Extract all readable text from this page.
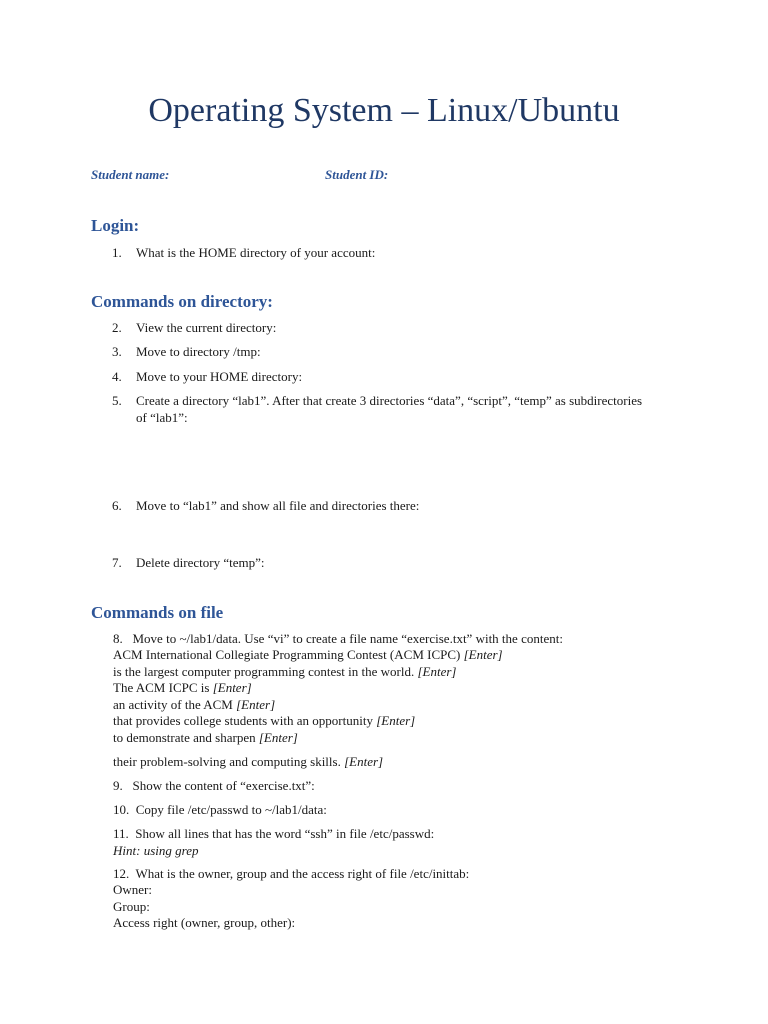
Operating System – Linux/Ubuntu
Student name:	Student ID:
Login:
1. What is the HOME directory of your account:
Commands on directory:
2. View the current directory:
3. Move to directory /tmp:
4. Move to your HOME directory:
5. Create a directory “lab1”. After that create 3 directories “data”, “script”, “temp” as subdirectories
of “lab1”:
6. Move to “lab1” and show all file and directories there:
7. Delete directory “temp”:
Commands on file
8.   Move to ~/lab1/data. Use “vi” to create a file name “exercise.txt” with the content:
ACM International Collegiate Programming Contest (ACM ICPC) [Enter]
is the largest computer programming contest in the world. [Enter]
The ACM ICPC is [Enter]
an activity of the ACM [Enter]
that provides college students with an opportunity [Enter]
to demonstrate and sharpen [Enter]
their problem-solving and computing skills. [Enter]
9.   Show the content of “exercise.txt”:
10.  Copy file /etc/passwd to ~/lab1/data:
11.  Show all lines that has the word “ssh” in file /etc/passwd:
Hint: using grep
12.  What is the owner, group and the access right of file /etc/inittab:
Owner:
Group:
Access right (owner, group, other):
